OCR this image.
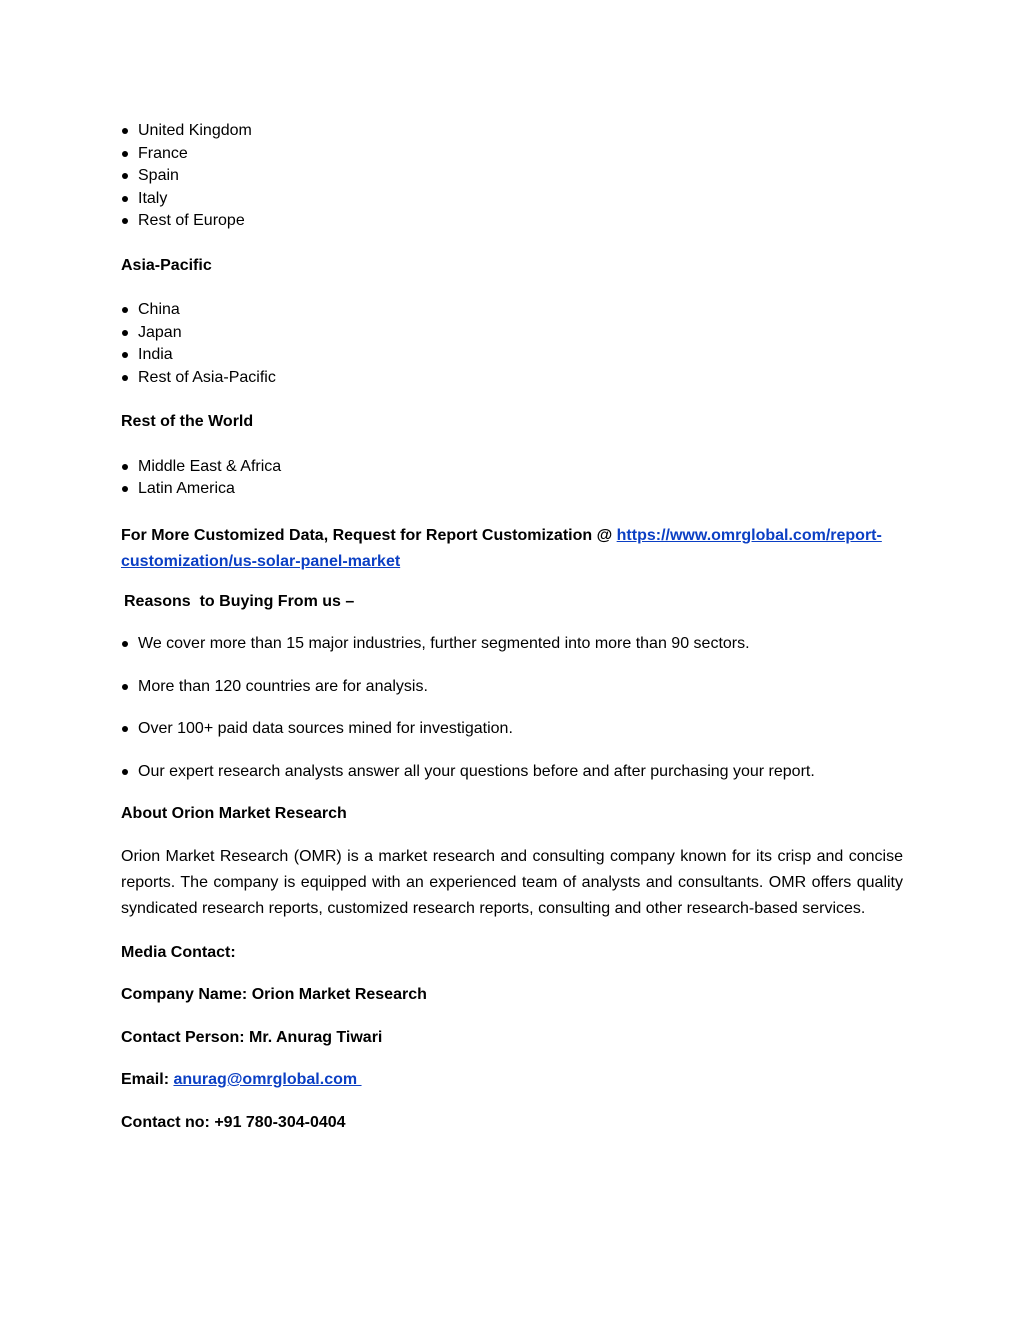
United Kingdom
France
Spain
Italy
Rest of Europe

Asia-Pacific

China
Japan
India
Rest of Asia-Pacific

Rest of the World

Middle East & Africa
Latin America

For More Customized Data, Request for Report Customization @ https://www.omrglobal.com/report-
customization/us-solar-panel-market

Reasons  to Buying From us –

We cover more than 15 major industries, further segmented into more than 90 sectors.
More than 120 countries are for analysis.
Over 100+ paid data sources mined for investigation.
Our expert research analysts answer all your questions before and after purchasing your report.

About Orion Market Research

Orion Market Research (OMR) is a market research and consulting company known for its crisp and concise reports. The company is equipped with an experienced team of analysts and consultants. OMR offers quality syndicated research reports, customized research reports, consulting and other research-based services.

Media Contact:

Company Name: Orion Market Research

Contact Person: Mr. Anurag Tiwari

Email: anurag@omrglobal.com

Contact no: +91 780-304-0404
